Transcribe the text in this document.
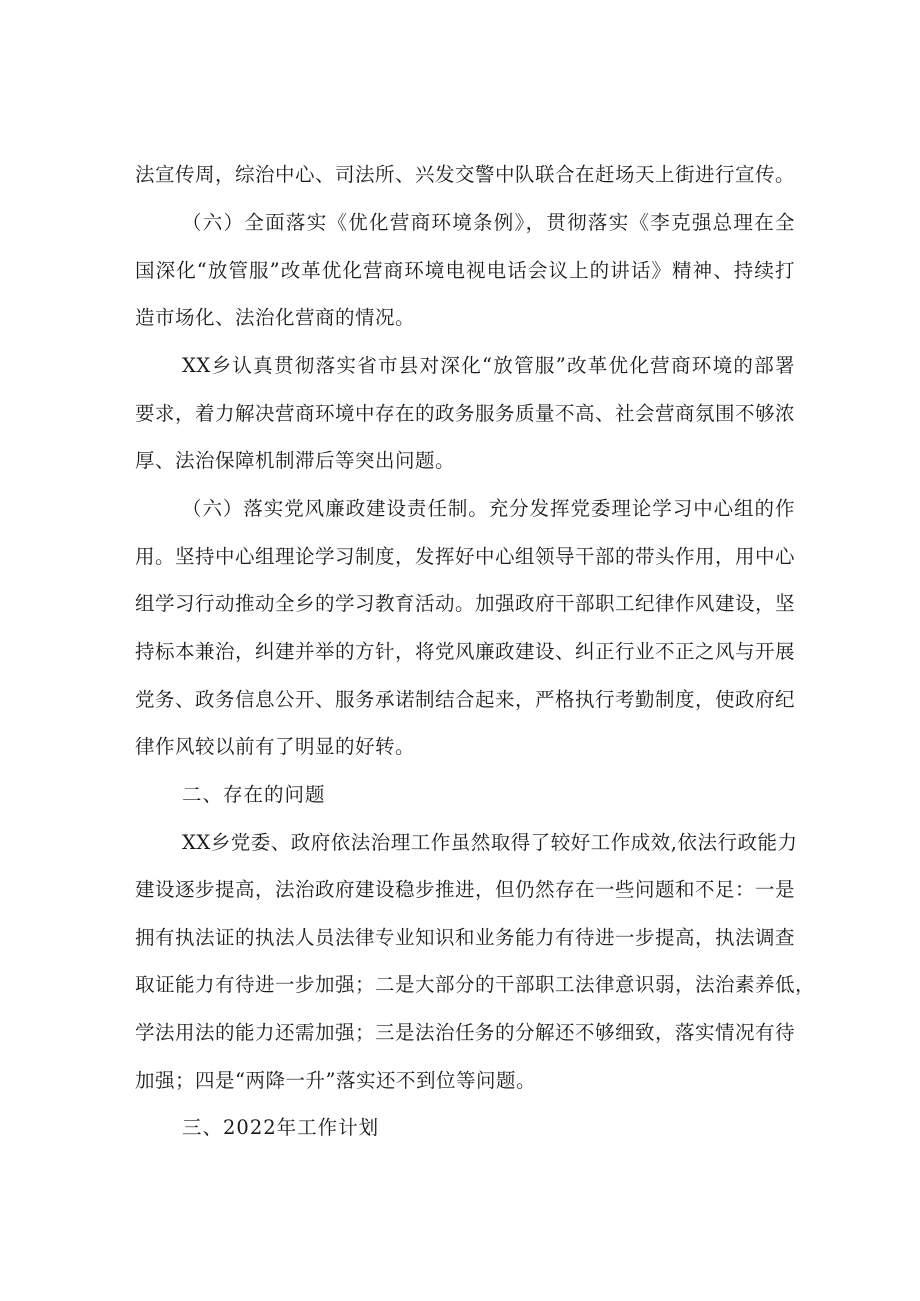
法宣传周，综治中心、司法所、兴发交警中队联合在赶场天上街进行宣传。
（六）全面落实《优化营商环境条例》，贯彻落实《李克强总理在全
国深化“放管服”改革优化营商环境电视电话会议上的讲话》精神、持续打
造市场化、法治化营商的情况。
XX乡认真贯彻落实省市县对深化“放管服”改革优化营商环境的部署
要求，着力解决营商环境中存在的政务服务质量不高、社会营商氛围不够浓
厚、法治保障机制滞后等突出问题。
（六）落实党风廉政建设责任制。充分发挥党委理论学习中心组的作
用。坚持中心组理论学习制度，发挥好中心组领导干部的带头作用，用中心
组学习行动推动全乡的学习教育活动。加强政府干部职工纪律作风建设，坚
持标本兼治，纠建并举的方针，将党风廉政建设、纠正行业不正之风与开展
党务、政务信息公开、服务承诺制结合起来，严格执行考勤制度，使政府纪
律作风较以前有了明显的好转。
二、存在的问题
XX乡党委、政府依法治理工作虽然取得了较好工作成效,依法行政能力
建设逐步提高，法治政府建设稳步推进，但仍然存在一些问题和不足：一是
拥有执法证的执法人员法律专业知识和业务能力有待进一步提高，执法调查
取证能力有待进一步加强；二是大部分的干部职工法律意识弱，法治素养低，
学法用法的能力还需加强；三是法治任务的分解还不够细致，落实情况有待
加强；四是“两降一升”落实还不到位等问题。
三、2022年工作计划
